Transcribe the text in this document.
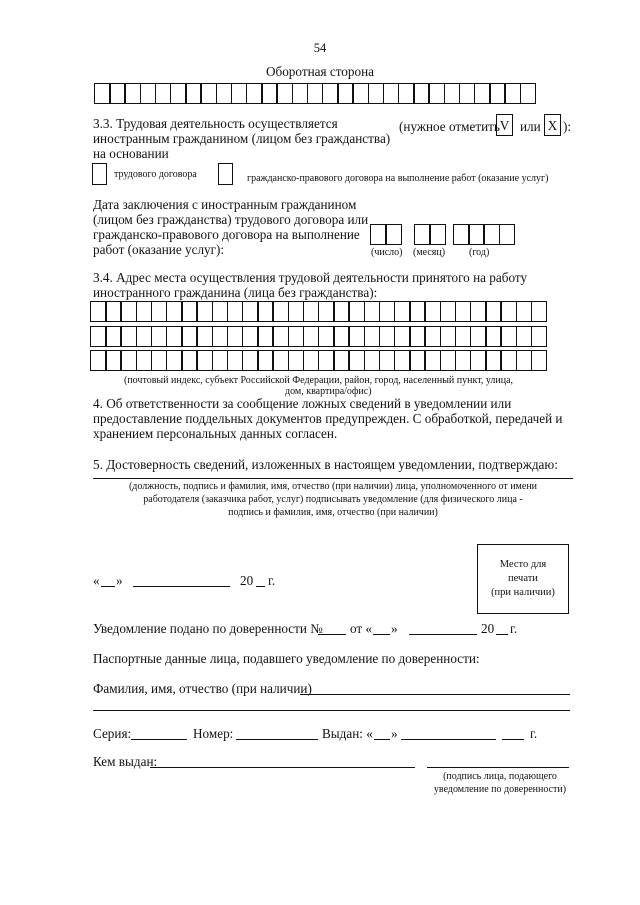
54
Оборотная сторона
3.3. Трудовая деятельность осуществляется
иностранным гражданином (лицом без гражданства)
на основании
(нужное отметить V или X ):
трудового договора	гражданско-правового договора на выполнение работ (оказание услуг)
Дата заключения с иностранным гражданином
(лицом без гражданства) трудового договора или
гражданско-правового договора на выполнение
работ (оказание услуг):	(число) (месяц) (год)
3.4. Адрес места осуществления трудовой деятельности принятого на работу
иностранного гражданина (лица без гражданства):
(почтовый индекс, субъект Российской Федерации, район, город, населенный пункт, улица,
дом, квартира/офис)
4. Об ответственности за сообщение ложных сведений в уведомлении или
предоставление поддельных документов предупрежден. С обработкой, передачей и
хранением персональных данных согласен.
5. Достоверность сведений, изложенных в настоящем уведомлении, подтверждаю:
(должность, подпись и фамилия, имя, отчество (при наличии) лица, уполномоченного от имени
работодателя (заказчика работ, услуг) подписывать уведомление (для физического лица -
подпись и фамилия, имя, отчество (при наличии)
Место для
печати
(при наличии)
« »	20 г.
Уведомление подано по доверенности № от « »	20 г.
Паспортные данные лица, подавшего уведомление по доверенности:
Фамилия, имя, отчество (при наличии)
Серия:	Номер:	Выдан: « »	г.
Кем выдан:
(подпись лица, подающего
уведомление по доверенности)
